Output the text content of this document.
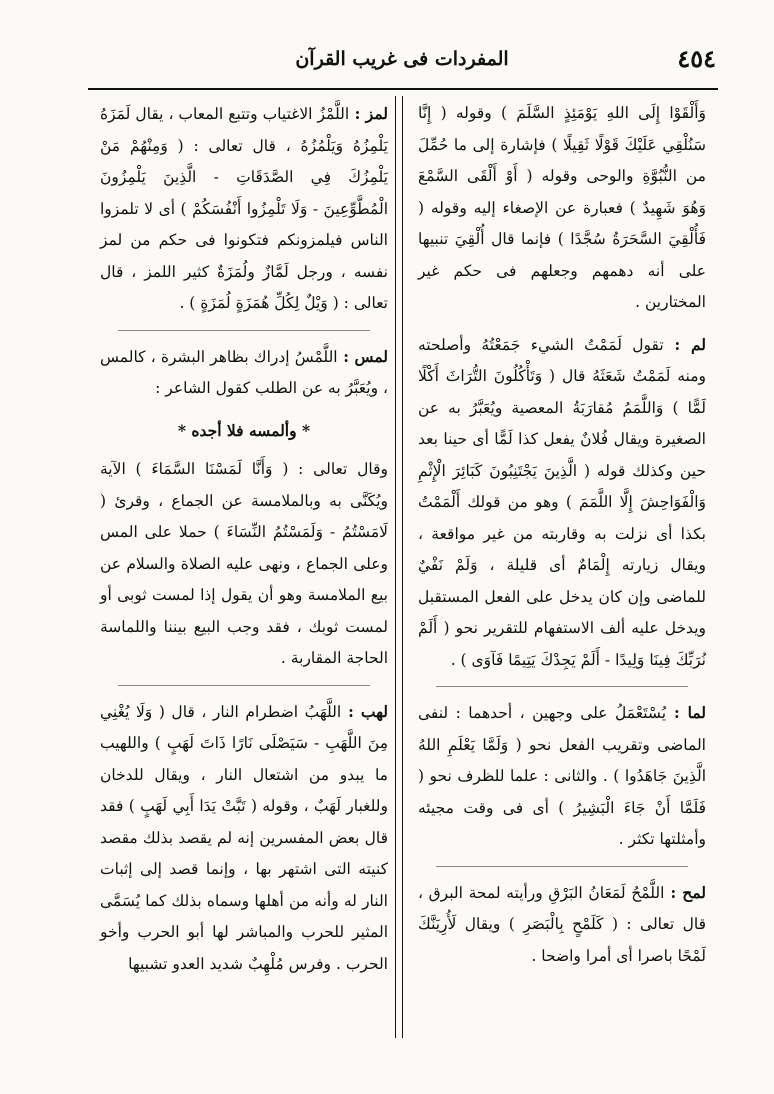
٤٥٤
المفردات فى غريب القرآن

وَأَلْقَوْا إِلَى اللهِ يَوْمَئِذٍ السَّلَمَ ) وقوله ( إِنَّا سَنُلْقِي عَلَيْكَ قَوْلًا ثَقِيلًا ) فإشارة إلى ما حُمِّلَ من النُّبُوَّةِ والوحى وقوله ( أَوْ أَلْقَى السَّمْعَ وَهُوَ شَهِيدٌ ) فعبارة عن الإصغاء إليه وقوله ( فَأُلْقِيَ السَّحَرَةُ سُجَّدًا ) فإنما قال أُلْقِيَ تنبيها على أنه دهمهم وجعلهم فى حكم غير المختارين .

لم : تقول لَمَمْتُ الشيء جَمَعْتُهُ وأصلحته ومنه لَمَمْتُ شَعَثَهُ قال ( وَتَأْكُلُونَ التُّرَاثَ أَكْلًا لَمًّا ) وَاللَّمَمُ مُقارَبَةُ المعصية ويُعَبَّرُ به عن الصغيرة ويقال فُلانٌ يفعل كذا لَمًّا أى حينا بعد حين وكذلك قوله ( الَّذِينَ يَجْتَنِبُونَ كَبَائِرَ الْإِثْمِ وَالْفَوَاحِشَ إِلَّا اللَّمَمَ ) وهو من قولك أَلْمَمْتُ بكذا أى نزلت به وقاربته من غير مواقعة ، ويقال زيارته إِلْمَامٌ أى قليلة ، وَلَمْ نَفْيٌ للماضى وإن كان يدخل على الفعل المستقبل ويدخل عليه ألف الاستفهام للتقرير نحو ( أَلَمْ نُرَبِّكَ فِينَا وَلِيدًا - أَلَمْ يَجِدْكَ يَتِيمًا فَآوَى ) .

لما : يُسْتَعْمَلُ على وجهين ، أحدهما : لنفى الماضى وتقريب الفعل نحو ( وَلَمَّا يَعْلَمِ اللهُ الَّذِينَ جَاهَدُوا ) . والثانى : علما للظرف نحو ( فَلَمَّا أَنْ جَاءَ الْبَشِيرُ ) أى فى وقت مجيئه وأمثلتها تكثر .

لمح : اللَّمْحُ لَمَعَانُ البَرْقِ ورأيته لمحة البرق ، قال تعالى : ( كَلَمْحٍ بِالْبَصَرِ ) ويقال لَأُرِيَنَّكَ لَمْحًا باصرا أى أمرا واضحا .

لمز : اللَّمْزُ الاغتياب وتتبع المعاب ، يقال لَمَزَهُ يَلْمِزُهُ وَيَلْمُزُهُ ، قال تعالى : ( وَمِنْهُمْ مَنْ يَلْمِزُكَ فِي الصَّدَقَاتِ - الَّذِينَ يَلْمِزُونَ الْمُطَّوِّعِينَ - وَلَا تَلْمِزُوا أَنْفُسَكُمْ ) أى لا تلمزوا الناس فيلمزونكم فتكونوا فى حكم من لمز نفسه ، ورجل لَمَّازٌ ولُمَزَةٌ كثير اللمز ، قال تعالى : ( وَيْلٌ لِكُلِّ هُمَزَةٍ لُمَزَةٍ ) .

لمس : اللَّمْسُ إدراك بظاهر البشرة ، كالمس ، ويُعَبَّرُ به عن الطلب كقول الشاعر :

* وألمسه فلا أجده *

وقال تعالى : ( وَأَنَّا لَمَسْنَا السَّمَاءَ ) الآية ويُكَنَّى به وبالملامسة عن الجماع ، وقرئ ( لَامَسْتُمُ - وَلَمَسْتُمُ النِّسَاءَ ) حملا على المس وعلى الجماع ، ونهى عليه الصلاة والسلام عن بيع الملامسة وهو أن يقول إذا لمست ثوبى أو لمست ثوبك ، فقد وجب البيع بيننا واللماسة الحاجة المقاربة .

لهب : اللَّهَبُ اضطرام النار ، قال ( وَلَا يُغْنِي مِنَ اللَّهَبِ - سَيَصْلَى نَارًا ذَاتَ لَهَبٍ ) واللهيب ما يبدو من اشتعال النار ، ويقال للدخان وللغبار لَهَبٌ ، وقوله ( تَبَّتْ يَدَا أَبِي لَهَبٍ ) فقد قال بعض المفسرين إنه لم يقصد بذلك مقصد كنيته التى اشتهر بها ، وإنما قصد إلى إثبات النار له وأنه من أهلها وسماه بذلك كما يُسَمَّى المثير للحرب والمباشر لها أبو الحرب وأخو الحرب . وفرس مُلْهِبٌ شديد العدو تشبيها
